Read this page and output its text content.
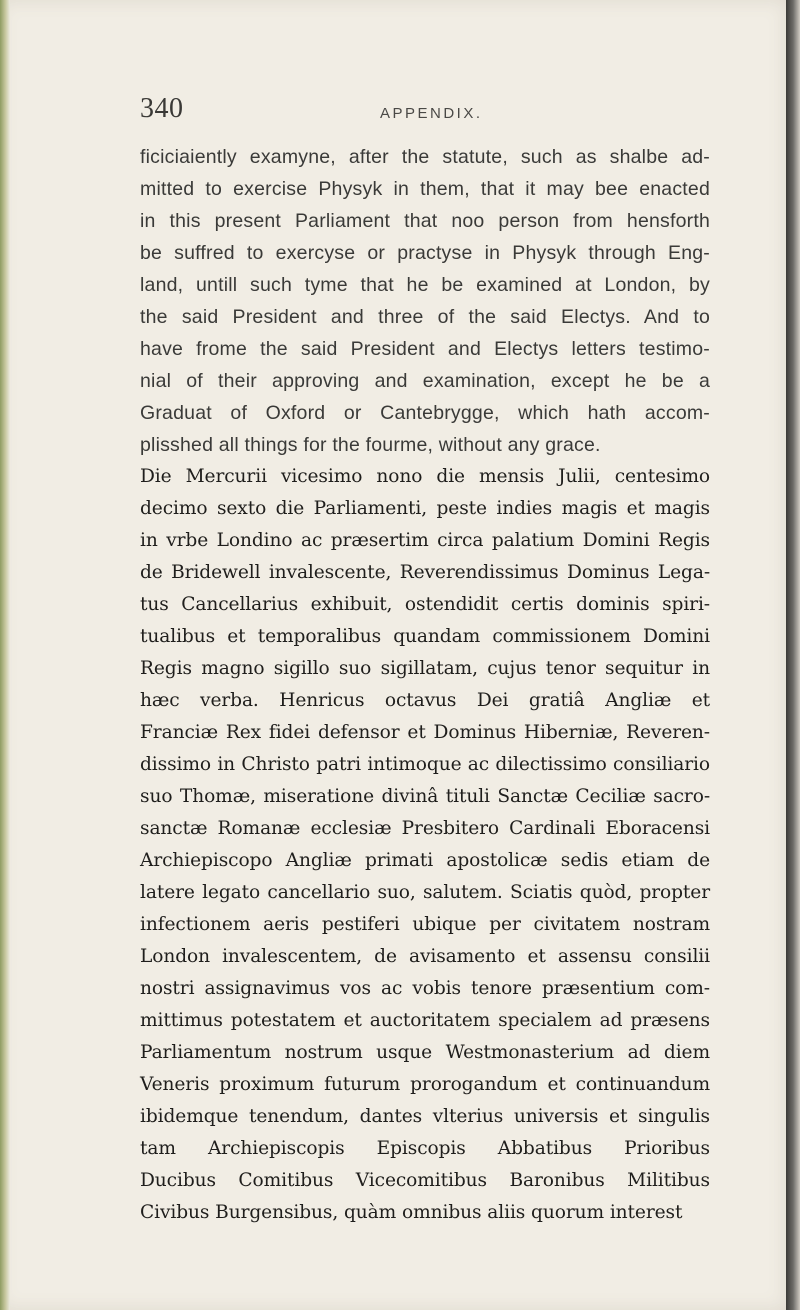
340	APPENDIX.
ficiciaiently examyne, after the statute, such as shalbe ad-
mitted to exercise Physyk in them, that it may bee enacted
in this present Parliament that noo person from hensforth
be suffred to exercyse or practyse in Physyk through Eng-
land, untill such tyme that he be examined at London, by
the said President and three of the said Electys. And to
have frome the said President and Electys letters testimo-
nial of their approving and examination, except he be a
Graduat of Oxford or Cantebrygge, which hath accom-
plisshed all things for the fourme, without any grace.
Die Mercurii vicesimo nono die mensis Julii, centesimo
decimo sexto die Parliamenti, peste indies magis et magis
in vrbe Londino ac præsertim circa palatium Domini Regis
de Bridewell invalescente, Reverendissimus Dominus Lega-
tus Cancellarius exhibuit, ostendidit certis dominis spiri-
tualibus et temporalibus quandam commissionem Domini
Regis magno sigillo suo sigillatam, cujus tenor sequitur in
hæc verba. Henricus octavus Dei gratiâ Angliæ et
Franciæ Rex fidei defensor et Dominus Hiberniæ, Reveren-
dissimo in Christo patri intimoque ac dilectissimo consiliario
suo Thomæ, miseratione divinâ tituli Sanctæ Ceciliæ sacro-
sanctæ Romanæ ecclesiæ Presbitero Cardinali Eboracensi
Archiepiscopo Angliæ primati apostolicæ sedis etiam de
latere legato cancellario suo, salutem. Sciatis quòd, propter
infectionem aeris pestiferi ubique per civitatem nostram
London invalescentem, de avisamento et assensu consilii
nostri assignavimus vos ac vobis tenore præsentium com-
mittimus potestatem et auctoritatem specialem ad præsens
Parliamentum nostrum usque Westmonasterium ad diem
Veneris proximum futurum prorogandum et continuandum
ibidemque tenendum, dantes vlterius universis et singulis
tam Archiepiscopis Episcopis Abbatibus Prioribus
Ducibus Comitibus Vicecomitibus Baronibus Militibus
Civibus Burgensibus, quàm omnibus aliis quorum interest
